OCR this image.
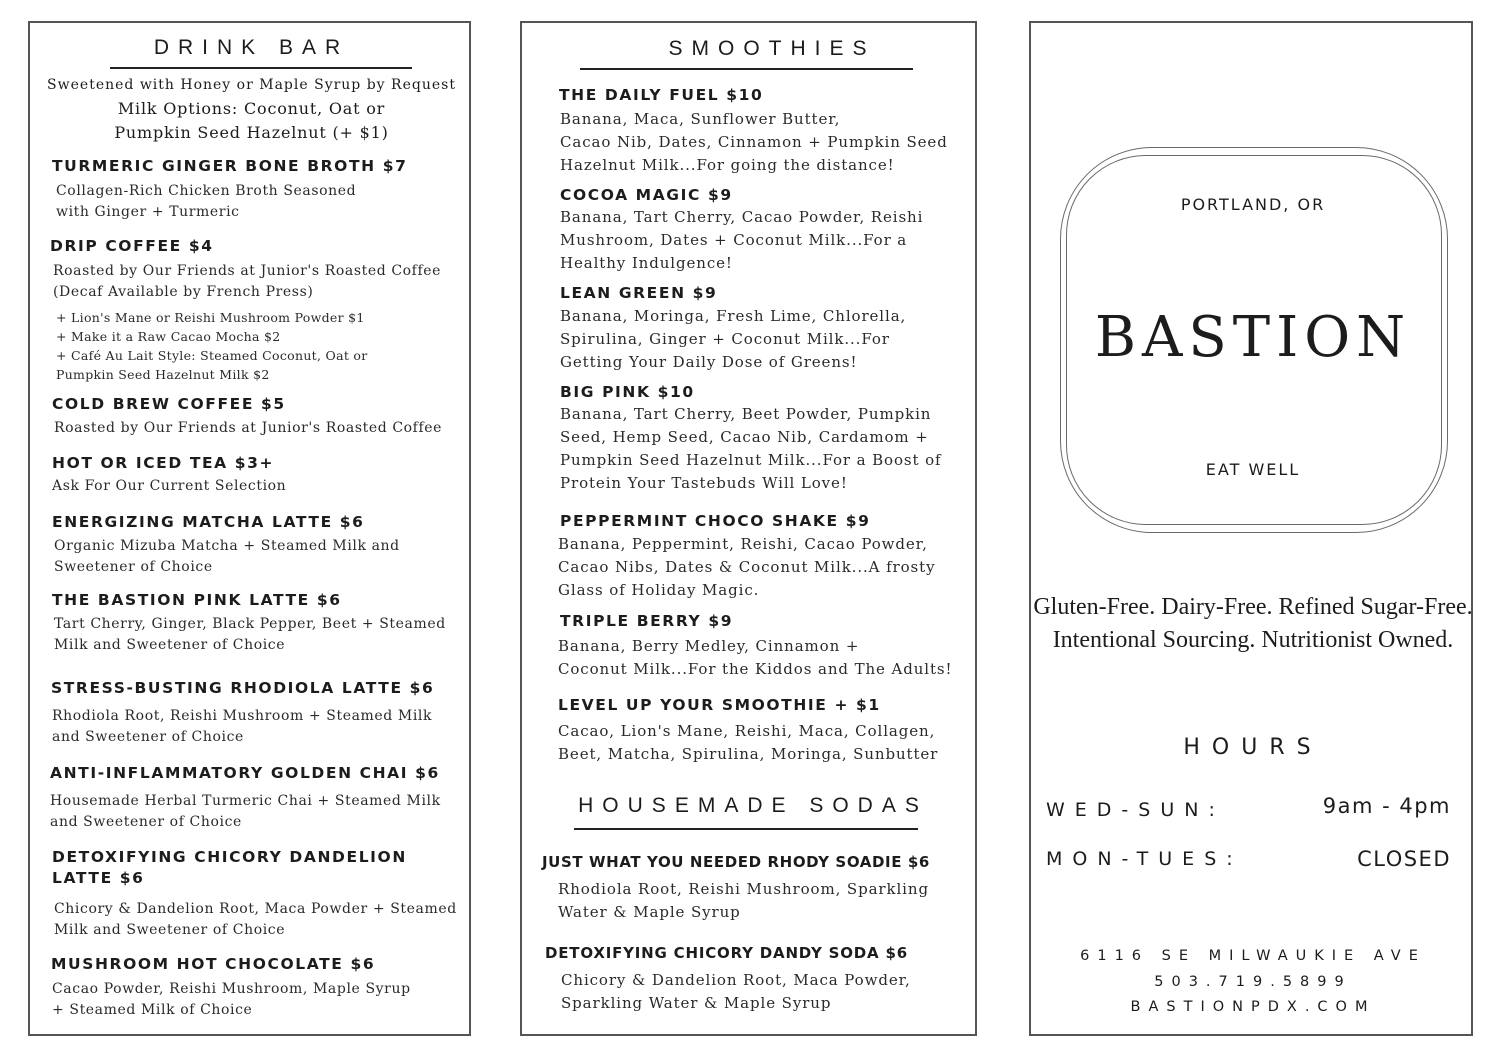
DRINK BAR
Sweetened with Honey or Maple Syrup by Request
Milk Options: Coconut, Oat or
Pumpkin Seed Hazelnut (+ $1)
TURMERIC GINGER BONE BROTH $7
Collagen-Rich Chicken Broth Seasoned
with Ginger + Turmeric
DRIP COFFEE $4
Roasted by Our Friends at Junior's Roasted Coffee
(Decaf Available by French Press)
+ Lion's Mane or Reishi Mushroom Powder $1
+ Make it a Raw Cacao Mocha $2
+ Café Au Lait Style: Steamed Coconut, Oat or
Pumpkin Seed Hazelnut Milk $2
COLD BREW COFFEE $5
Roasted by Our Friends at Junior's Roasted Coffee
HOT OR ICED TEA $3+
Ask For Our Current Selection
ENERGIZING MATCHA LATTE $6
Organic Mizuba Matcha + Steamed Milk and
Sweetener of Choice
THE BASTION PINK LATTE $6
Tart Cherry, Ginger, Black Pepper, Beet + Steamed
Milk and Sweetener of Choice
STRESS-BUSTING RHODIOLA LATTE $6
Rhodiola Root, Reishi Mushroom + Steamed Milk
and Sweetener of Choice
ANTI-INFLAMMATORY GOLDEN CHAI $6
Housemade Herbal Turmeric Chai + Steamed Milk
and Sweetener of Choice
DETOXIFYING CHICORY DANDELION
LATTE $6
Chicory & Dandelion Root, Maca Powder + Steamed
Milk and Sweetener of Choice
MUSHROOM HOT CHOCOLATE $6
Cacao Powder, Reishi Mushroom, Maple Syrup
+ Steamed Milk of Choice
SMOOTHIES
THE DAILY FUEL $10
Banana, Maca, Sunflower Butter,
Cacao Nib, Dates, Cinnamon + Pumpkin Seed
Hazelnut Milk...For going the distance!
COCOA MAGIC $9
Banana, Tart Cherry, Cacao Powder, Reishi
Mushroom, Dates + Coconut Milk...For a
Healthy Indulgence!
LEAN GREEN $9
Banana, Moringa, Fresh Lime, Chlorella,
Spirulina, Ginger + Coconut Milk...For
Getting Your Daily Dose of Greens!
BIG PINK $10
Banana, Tart Cherry, Beet Powder, Pumpkin
Seed, Hemp Seed, Cacao Nib, Cardamom +
Pumpkin Seed Hazelnut Milk...For a Boost of
Protein Your Tastebuds Will Love!
PEPPERMINT CHOCO SHAKE $9
Banana, Peppermint, Reishi, Cacao Powder,
Cacao Nibs, Dates & Coconut Milk...A frosty
Glass of Holiday Magic.
TRIPLE BERRY $9
Banana, Berry Medley, Cinnamon +
Coconut Milk...For the Kiddos and The Adults!
LEVEL UP YOUR SMOOTHIE + $1
Cacao, Lion's Mane, Reishi, Maca, Collagen,
Beet, Matcha, Spirulina, Moringa, Sunbutter
HOUSEMADE SODAS
JUST WHAT YOU NEEDED RHODY SOADIE $6
Rhodiola Root, Reishi Mushroom, Sparkling
Water & Maple Syrup
DETOXIFYING CHICORY DANDY SODA $6
Chicory & Dandelion Root, Maca Powder,
Sparkling Water & Maple Syrup
PORTLAND, OR
BASTION
EAT WELL
Gluten-Free. Dairy-Free. Refined Sugar-Free.
Intentional Sourcing. Nutritionist Owned.
HOURS
WED-SUN:	9am - 4pm
MON-TUES:	CLOSED
6116 SE MILWAUKIE AVE
503.719.5899
BASTIONPDX.COM
